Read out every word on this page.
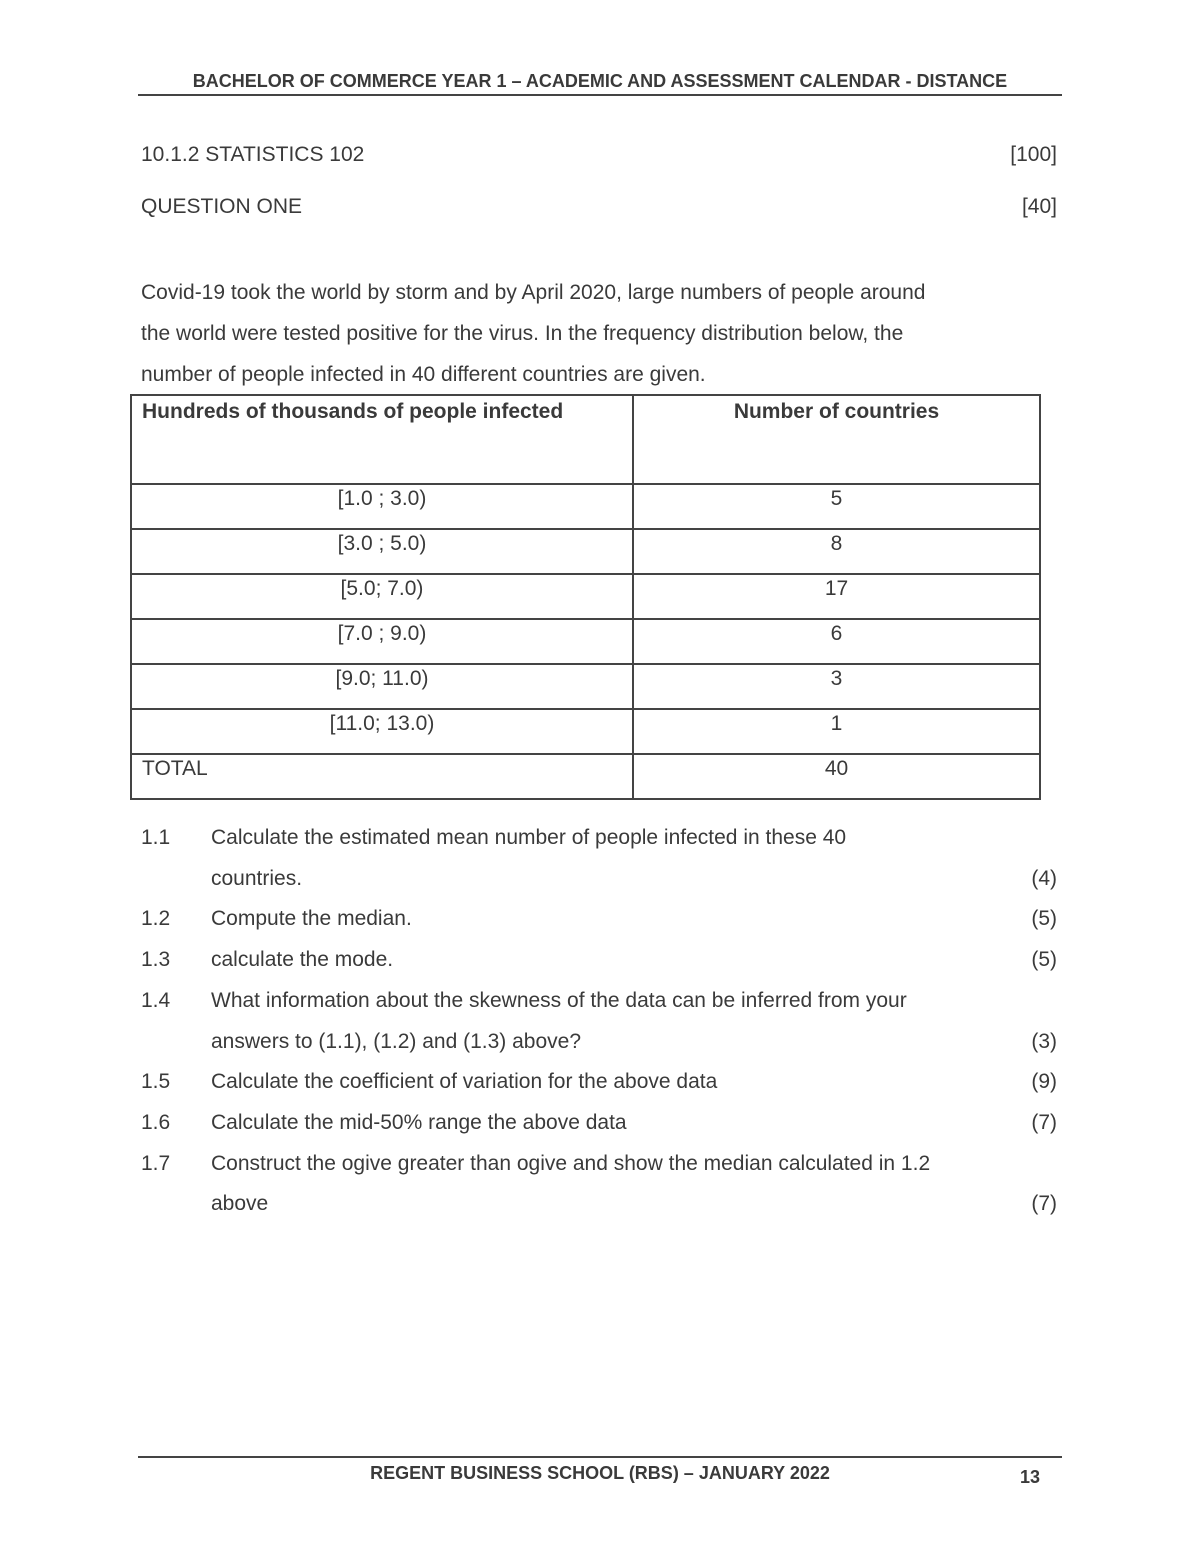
BACHELOR OF COMMERCE YEAR 1 – ACADEMIC AND ASSESSMENT CALENDAR - DISTANCE
10.1.2 STATISTICS 102	[100]
QUESTION ONE	[40]

Covid-19 took the world by storm and by April 2020, large numbers of people around

the world were tested positive for the virus. In the frequency distribution below, the

number of people infected in 40 different countries are given.

Hundreds of thousands of people infected	Number of countries
[1.0 ; 3.0)	5
[3.0 ; 5.0)	8
[5.0; 7.0)	17
[7.0 ; 9.0)	6
[9.0; 11.0)	3
[11.0; 13.0)	1
TOTAL	40
1.1	Calculate the estimated mean number of people infected in these 40
countries.	(4)
1.2	Compute the median.	(5)
1.3	calculate the mode.	(5)
1.4	What information about the skewness of the data can be inferred from your
answers to (1.1), (1.2) and (1.3) above?	(3)
1.5	Calculate the coefficient of variation for the above data	(9)
1.6	Calculate the mid-50% range the above data	(7)
1.7	Construct the ogive greater than ogive and show the median calculated in 1.2
above	(7)
REGENT BUSINESS SCHOOL (RBS) – JANUARY 2022	13
